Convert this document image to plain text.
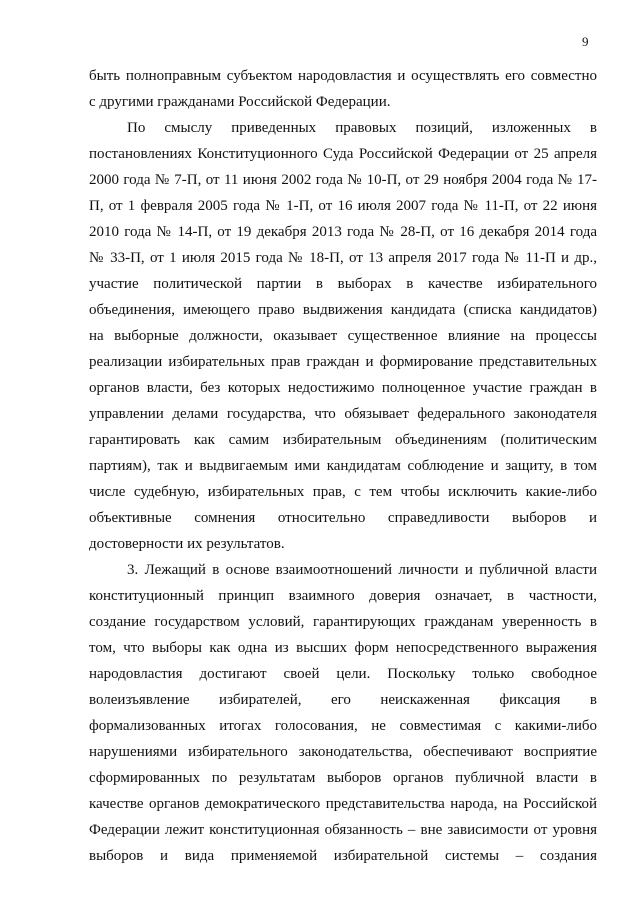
9
быть полноправным субъектом народовластия и осуществлять его совместно
с другими гражданами Российской Федерации.
По смыслу приведенных правовых позиций, изложенных в
постановлениях Конституционного Суда Российской Федерации от 25 апреля
2000 года № 7-П, от 11 июня 2002 года № 10-П, от 29 ноября 2004 года № 17-
П, от 1 февраля 2005 года № 1-П, от 16 июля 2007 года № 11-П, от 22 июня
2010 года № 14-П, от 19 декабря 2013 года № 28-П, от 16 декабря 2014 года
№ 33-П, от 1 июля 2015 года № 18-П, от 13 апреля 2017 года № 11-П и др.,
участие политической партии в выборах в качестве избирательного
объединения, имеющего право выдвижения кандидата (списка кандидатов)
на выборные должности, оказывает существенное влияние на процессы
реализации избирательных прав граждан и формирование представительных
органов власти, без которых недостижимо полноценное участие граждан в
управлении делами государства, что обязывает федерального законодателя
гарантировать как самим избирательным объединениям (политическим
партиям), так и выдвигаемым ими кандидатам соблюдение и защиту, в том
числе судебную, избирательных прав, с тем чтобы исключить какие-либо
объективные сомнения относительно справедливости выборов и
достоверности их результатов.
3. Лежащий в основе взаимоотношений личности и публичной власти
конституционный принцип взаимного доверия означает, в частности,
создание государством условий, гарантирующих гражданам уверенность в
том, что выборы как одна из высших форм непосредственного выражения
народовластия достигают своей цели. Поскольку только свободное
волеизъявление избирателей, его неискаженная фиксация в
формализованных итогах голосования, не совместимая с какими-либо
нарушениями избирательного законодательства, обеспечивают восприятие
сформированных по результатам выборов органов публичной власти в
качестве органов демократического представительства народа, на Российской
Федерации лежит конституционная обязанность – вне зависимости от уровня
выборов и вида применяемой избирательной системы – создания
